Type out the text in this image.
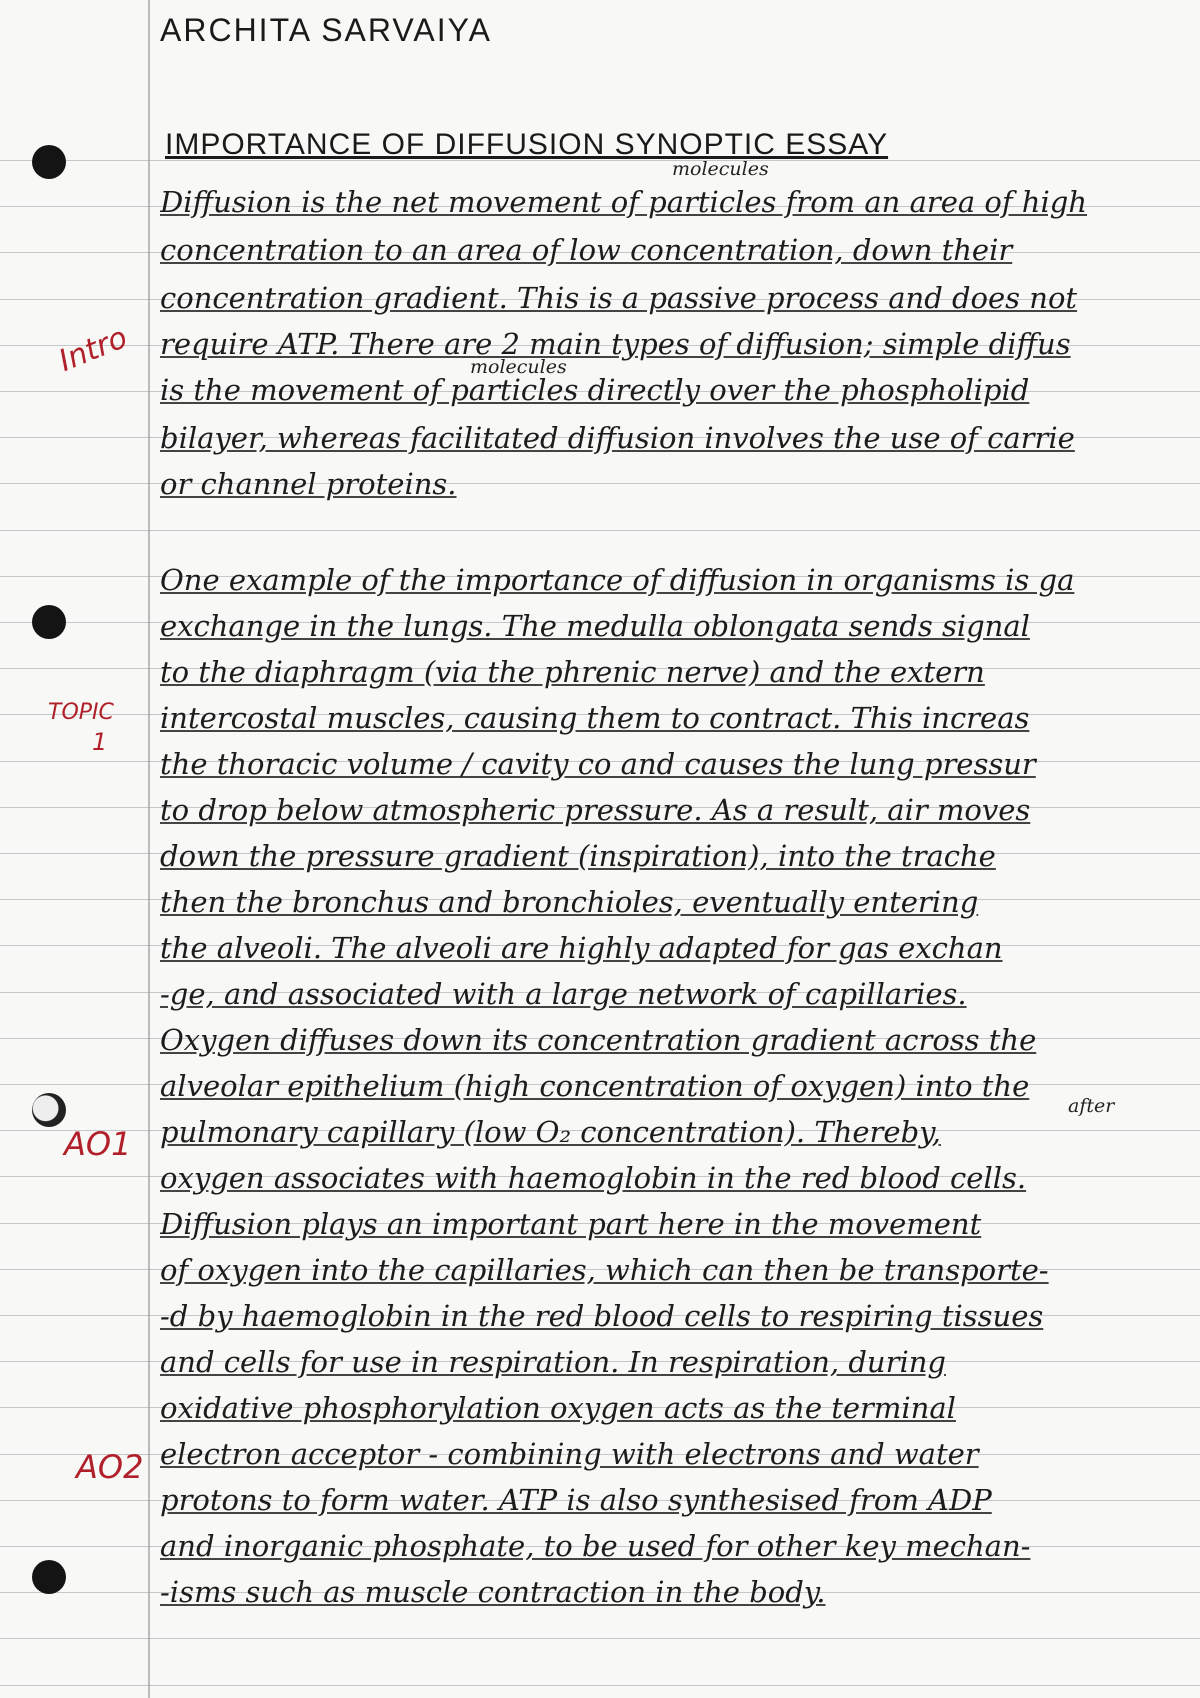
ARCHITA SARVAIYA
IMPORTANCE OF DIFFUSION SYNOPTIC ESSAY
Diffusion is the net movement of particles from an area of high
concentration to an area of low concentration, down their
concentration gradient. This is a passive process and does not
require ATP. There are 2 main types of diffusion; simple diffus
is the movement of particles directly over the phospholipid
bilayer, whereas facilitated diffusion involves the use of carrie
or channel proteins.
One example of the importance of diffusion in organisms is ga
exchange in the lungs. The medulla oblongata sends signal
to the diaphragm (via the phrenic nerve) and the extern
intercostal muscles, causing them to contract. This increas
the thoracic volume / cavity co and causes the lung pressur
to drop below atmospheric pressure. As a result, air moves
down the pressure gradient (inspiration), into the trache
then the bronchus and bronchioles, eventually entering
the alveoli. The alveoli are highly adapted for gas exchan
-ge, and associated with a large network of capillaries.
Oxygen diffuses down its concentration gradient across the
alveolar epithelium (high concentration of oxygen) into the
pulmonary capillary (low O₂ concentration). Thereby,
oxygen associates with haemoglobin in the red blood cells.
Diffusion plays an important part here in the movement
of oxygen into the capillaries, which can then be transporte-
-d by haemoglobin in the red blood cells to respiring tissues
and cells for use in respiration. In respiration, during
oxidative phosphorylation oxygen acts as the terminal
electron acceptor - combining with electrons and water
protons to form water. ATP is also synthesised from ADP
and inorganic phosphate, to be used for other key mechan-
-isms such as muscle contraction in the body.
molecules
molecules
after
Intro
TOPIC
1
AO1
AO2
